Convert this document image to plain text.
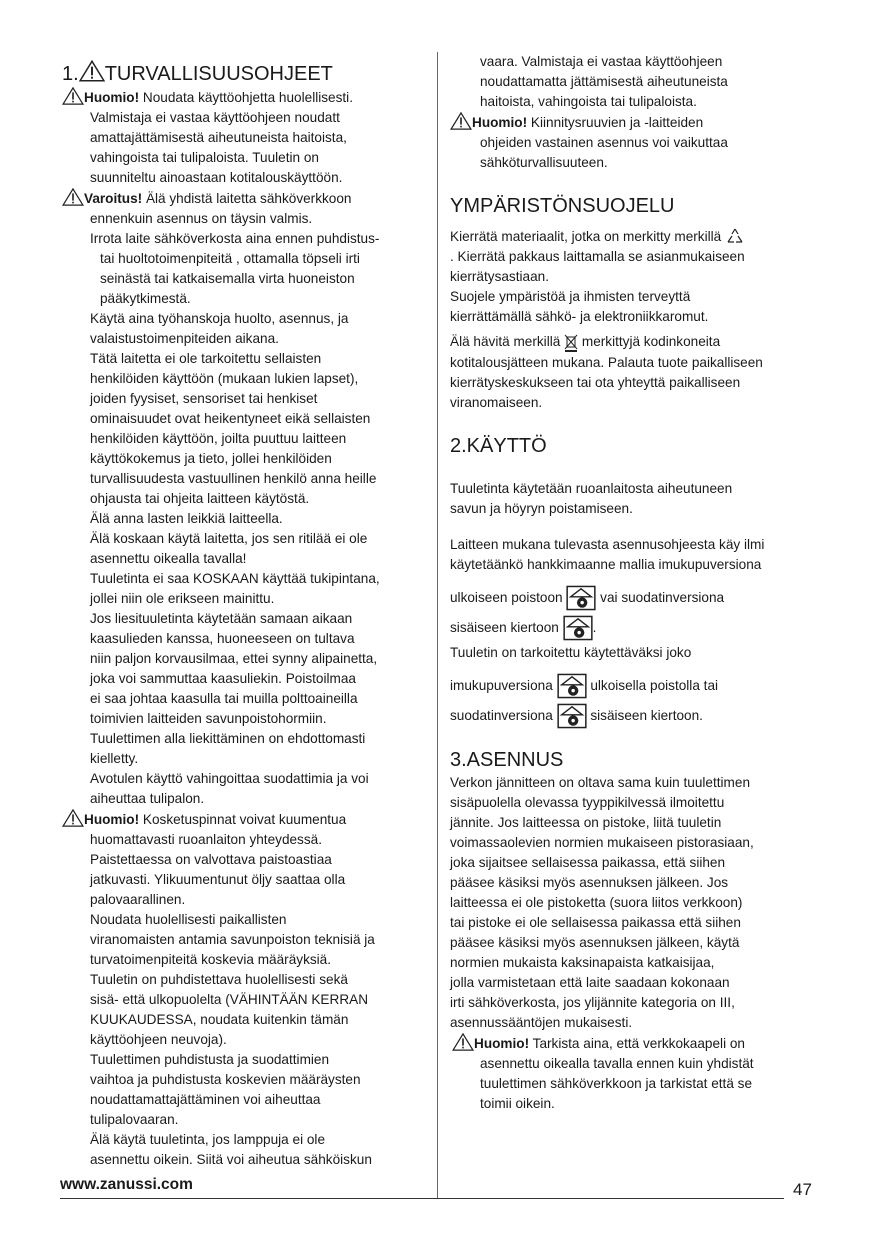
1. TURVALLISUUSOHJEET

Huomio! Noudata käyttöohjetta huolellisesti.

Valmistaja ei vastaa käyttöohjeen noudatt

amattajättämisestä aiheutuneista haitoista,

vahingoista tai tulipaloista. Tuuletin on

suunniteltu ainoastaan kotitalouskäyttöön.

Varoitus! Älä yhdistä laitetta sähköverkkoon

ennenkuin asennus on täysin valmis.

Irrota laite sähköverkosta aina ennen puhdistus-

tai huoltotoimenpiteitä , ottamalla töpseli irti

seinästä tai katkaisemalla virta huoneiston

pääkytkimestä.

Käytä aina työhanskoja huolto, asennus, ja

valaistustoimenpiteiden aikana.

Tätä laitetta ei ole tarkoitettu sellaisten

henkilöiden käyttöön (mukaan lukien lapset),

joiden fyysiset, sensoriset tai henkiset

ominaisuudet ovat heikentyneet eikä sellaisten

henkilöiden käyttöön, joilta puuttuu laitteen

käyttökokemus ja tieto, jollei henkilöiden

turvallisuudesta vastuullinen henkilö anna heille

ohjausta tai ohjeita laitteen käytöstä.

Älä anna lasten leikkiä laitteella.

Älä koskaan käytä laitetta, jos sen ritilää ei ole

asennettu oikealla tavalla!

Tuuletinta ei saa KOSKAAN käyttää tukipintana,

jollei niin ole erikseen mainittu.

Jos liesituuletinta käytetään samaan aikaan

kaasulieden kanssa, huoneeseen on tultava

niin paljon korvausilmaa, ettei synny alipainetta,

joka voi sammuttaa kaasuliekin. Poistoilmaa

ei saa johtaa kaasulla tai muilla polttoaineilla

toimivien laitteiden savunpoistohormiin.

Tuulettimen alla liekittäminen on ehdottomasti

kielletty.

Avotulen käyttö vahingoittaa suodattimia ja voi

aiheuttaa tulipalon.

Huomio! Kosketuspinnat voivat kuumentua

huomattavasti ruoanlaiton yhteydessä.

Paistettaessa on valvottava paistoastiaa

jatkuvasti. Ylikuumentunut öljy saattaa olla

palovaarallinen.

Noudata huolellisesti paikallisten

viranomaisten antamia savunpoiston teknisiä ja

turvatoimenpiteitä koskevia määräyksiä.

Tuuletin on puhdistettava huolellisesti sekä

sisä- että ulkopuolelta (VÄHINTÄÄN KERRAN

KUUKAUDESSA, noudata kuitenkin tämän

käyttöohjeen neuvoja).

Tuulettimen puhdistusta ja suodattimien

vaihtoa ja puhdistusta koskevien määräysten

noudattamattajättäminen voi aiheuttaa

tulipalovaaran.

Älä käytä tuuletinta, jos lamppuja ei ole

asennettu oikein. Siitä voi aiheutua sähköiskun

vaara. Valmistaja ei vastaa käyttöohjeen

noudattamatta jättämisestä aiheutuneista

haitoista, vahingoista tai tulipaloista.

Huomio! Kiinnitysruuvien ja -laitteiden

ohjeiden vastainen asennus voi vaikuttaa

sähköturvallisuuteen.

YMPÄRISTÖNSUOJELU

Kierrätä materiaalit, jotka on merkitty merkillä

. Kierrätä pakkaus laittamalla se asianmukaiseen

kierrätysastiaan.

Suojele ympäristöä ja ihmisten terveyttä

kierrättämällä sähkö- ja elektroniikkaromut.

Älä hävitä merkillä  merkittyjä kodinkoneita

kotitalousjätteen mukana. Palauta tuote paikalliseen

kierrätyskeskukseen tai ota yhteyttä paikalliseen

viranomaiseen.

2.KÄYTTÖ

Tuuletinta käytetään ruoanlaitosta aiheutuneen

savun ja höyryn poistamiseen.

Laitteen mukana tulevasta asennusohjeesta käy ilmi

käytetäänkö hankkimaanne mallia imukupuversiona

ulkoiseen poistoon  vai suodatinversiona

sisäiseen kiertoon .

Tuuletin on tarkoitettu käytettäväksi joko

imukupuversiona  ulkoisella poistolla tai

suodatinversiona  sisäiseen kiertoon.

3.ASENNUS

Verkon jännitteen on oltava sama kuin tuulettimen

sisäpuolella olevassa tyyppikilvessä ilmoitettu

jännite. Jos laitteessa on pistoke, liitä tuuletin

voimassaolevien normien mukaiseen pistorasiaan,

joka sijaitsee sellaisessa paikassa, että siihen

pääsee käsiksi myös asennuksen jälkeen. Jos

laitteessa ei ole pistoketta (suora liitos verkkoon)

tai pistoke ei ole sellaisessa paikassa että siihen

pääsee käsiksi myös asennuksen jälkeen, käytä

normien mukaista kaksinapaista katkaisijaa,

jolla varmistetaan että laite saadaan kokonaan

irti sähköverkosta, jos ylijännite kategoria on III,

asennussääntöjen mukaisesti.

Huomio! Tarkista aina, että verkkokaapeli on

asennettu oikealla tavalla ennen kuin yhdistät

tuulettimen sähköverkkoon ja tarkistat että se

toimii oikein.

www.zanussi.com	47
